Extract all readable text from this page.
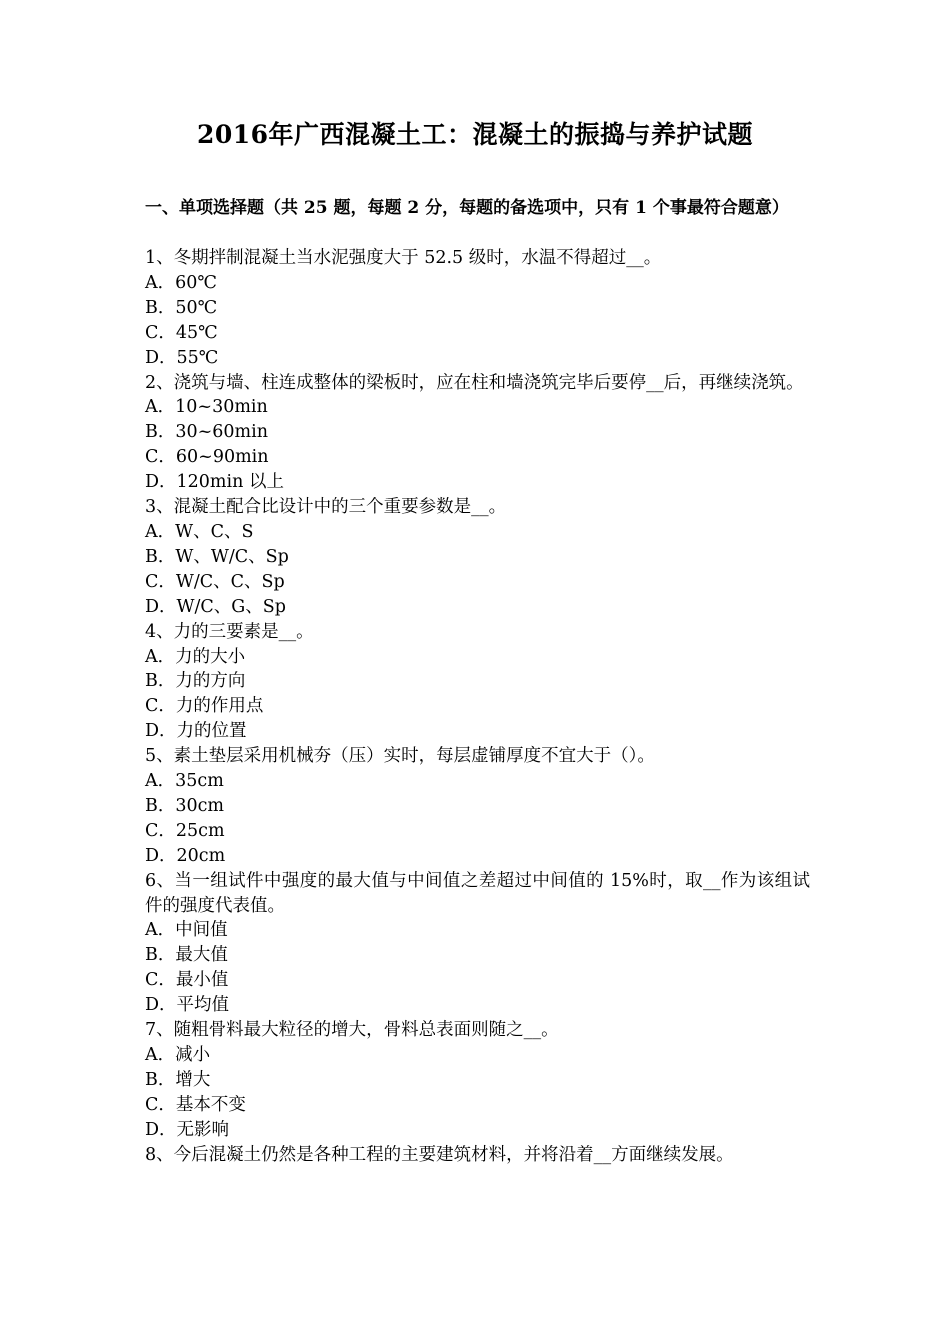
2016年广西混凝土工：混凝土的振捣与养护试题
一、单项选择题（共 25 题，每题 2 分，每题的备选项中，只有 1 个事最符合题意）

1、冬期拌制混凝土当水泥强度大于 52.5 级时，水温不得超过__。

A．60℃

B．50℃

C．45℃

D．55℃

2、浇筑与墙、柱连成整体的梁板时，应在柱和墙浇筑完毕后要停__后，再继续浇筑。

A．10~30min

B．30~60min

C．60~90min

D．120min 以上

3、混凝土配合比设计中的三个重要参数是__。

A．W、C、S

B．W、W/C、Sp

C．W/C、C、Sp

D．W/C、G、Sp

4、力的三要素是__。

A．力的大小

B．力的方向

C．力的作用点

D．力的位置

5、素土垫层采用机械夯（压）实时，每层虚铺厚度不宜大于（）。

A．35cm

B．30cm

C．25cm

D．20cm

6、当一组试件中强度的最大值与中间值之差超过中间值的 15%时，取__作为该组试件的强度代表值。

A．中间值

B．最大值

C．最小值

D．平均值

7、随粗骨料最大粒径的增大，骨料总表面则随之__。

A．减小

B．增大

C．基本不变

D．无影响

8、今后混凝土仍然是各种工程的主要建筑材料，并将沿着__方面继续发展。
